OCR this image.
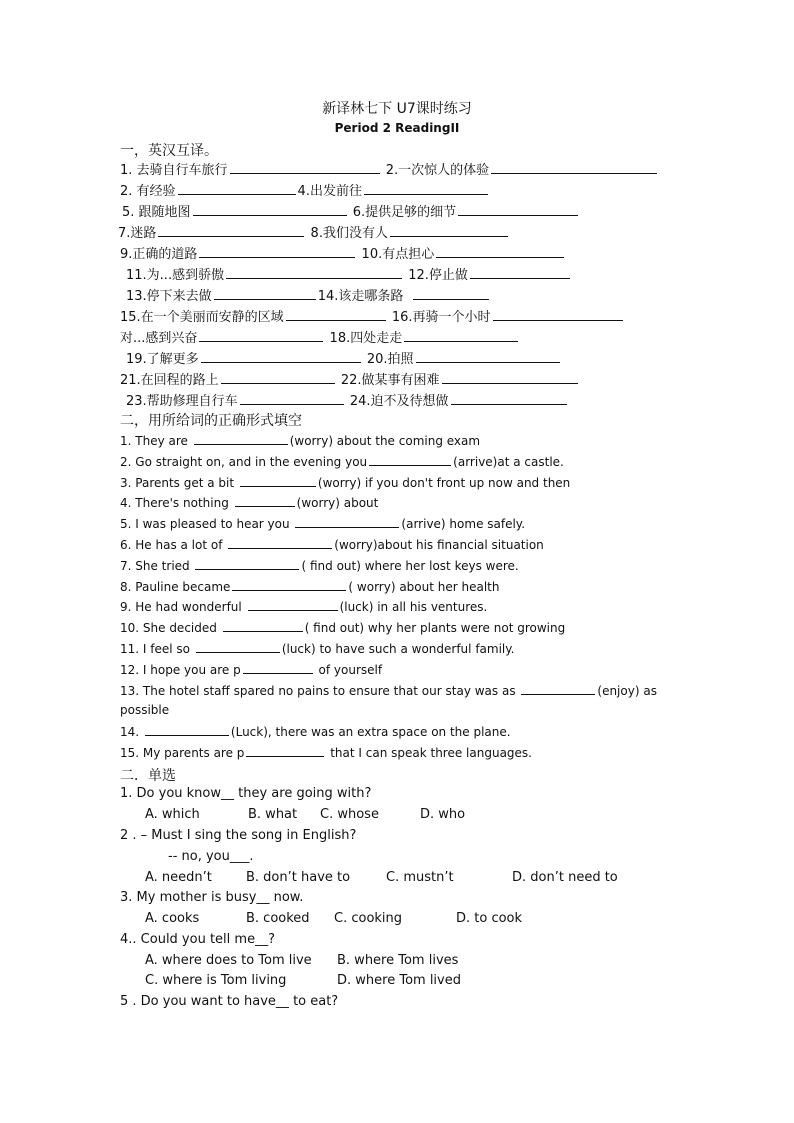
新译林七下 U7课时练习
Period 2 ReadingII
一，英汉互译。
1. 去骑自行车旅行	2.一次惊人的体验
2. 有经验	4.出发前往
5. 跟随地图	6.提供足够的细节
7.迷路	8.我们没有人
9.正确的道路	10.有点担心
11.为...感到骄傲	12.停止做
13.停下来去做	14.该走哪条路
15.在一个美丽而安静的区域	16.再骑一个小时
对...感到兴奋	18.四处走走
19.了解更多	20.拍照
21.在回程的路上	22.做某事有困难
23.帮助修理自行车	24.迫不及待想做
二，用所给词的正确形式填空
1. They are	(worry) about the coming exam
2. Go straight on, and in the evening you	(arrive)at a castle.
3. Parents get a bit	(worry) if you don't front up now and then
4. There's nothing	(worry) about
5. I was pleased to hear you	(arrive) home safely.
6. He has a lot of	(worry)about his financial situation
7. She tried	( find out) where her lost keys were.
8. Pauline became	( worry) about her health
9. He had wonderful	(luck) in all his ventures.
10. She decided	( find out) why her plants were not growing
11. I feel so	(luck) to have such a wonderful family.
12. I hope you are p	of yourself
13. The hotel staff spared no pains to ensure that our stay was as	(enjoy) as
possible
14.	(Luck), there was an extra space on the plane.
15. My parents are p	that I can speak three languages.
二．单选
1. Do you know__ they are going with?
A. which	B. what C. whose	D. who
2 . – Must I sing the song in English?
-- no, you___.
A. needn’t	B. don’t have to	C. mustn’t	D. don’t need to
3. My mother is busy__ now.
A. cooks	B. cooked C. cooking	D. to cook
4.. Could you tell me__?
A. where does to Tom live B. where Tom lives
C. where is Tom living	D. where Tom lived
5 . Do you want to have__ to eat?
